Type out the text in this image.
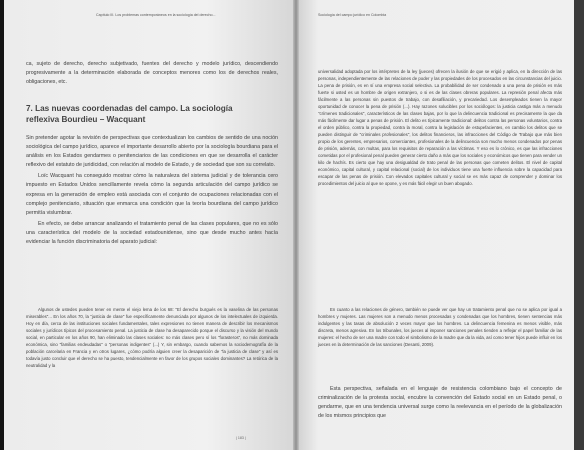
Capítulo III. Los problemas contemporáneos en la sociología del derecho...

ca, sujeto de derecho, derecho subjetivado, fuentes del derecho y modelo jurídico, descendiendo progresivamente a la determinación elaborada de conceptos menores como los de derechos reales, obligaciones, etc.

7. Las nuevas coordenadas del campo. La sociología
reflexiva Bourdieu – Wacquant

Sin pretender agotar la revisión de perspectivas que contextualizan los cambios de sentido de una noción sociológica del campo jurídico, aparece el importante desarrollo abierto por la sociología bourdiana para el análisis en los Estados gendarmes o penitenciarios de las condiciones en que se desarrolla el carácter reflexivo del estatuto de juridicidad, con relación al modelo de Estado, y de sociedad que son su correlato.

Loïc Wacquant ha conseguido mostrar cómo la naturaleza del sistema judicial y de tolerancia cero impuesto en Estados Unidos sencillamente revela cómo la segunda articulación del campo jurídico se expresa en la generación de empleo está asociada con el conjunto de ocupaciones relacionadas con el complejo penitenciario, situación que enmarca una condición que la teoría bourdiana del campo jurídico permitía vislumbrar.

En efecto, se debe arrancar analizando el tratamiento penal de las clases populares, que no es sólo una característica del modelo de la sociedad estadounidense, sino que desde mucho antes hacía evidenciar la función discriminatoria del aparato judicial:

Algunos de ustedes pueden tener en mente el viejo lema de los 68: "El derecho burgués es la vaselina de las personas miserables"... En los años 70, la "justicia de clase" fue específicamente denunciada por algunos de los intelectuales de izquierda. Hoy en día, cerca de las instituciones sociales fundamentales, tales expresiones no tienen manera de describir los mecanismos sociales y jurídicos típicos del procesamiento penal. La justicia de clase ha desaparecido porque el discurso y la visión del mundo social, en particular en los años 90, han eliminado las clases sociales: no más clases pero sí los "forasteros", no más dominada económica, sino "familias endeudadas" o "personas indigentes" (...) Y, sin embargo, cuando sabemos la sociodemografía de la población carcelaria en Francia y en otros lugares, ¿cómo podría alguien creer la desaparición de "la justicia de clase" y así es todavía justo concluir que el derecho se ha puesto, tendencialmente en favor de los grupos sociales dominantes? La retórica de la neutralidad y la

| 183 |
Sociología del campo jurídico en Colombia

universalidad adoptada por los intérpretes de la ley (jueces) ofrecen la ilusión de que se erigió y aplica, en la dirección de las personas, independientemente de las relaciones de poder y las propiedades de los procesados en las circunstancias del juicio. La pena de prisión, es en sí una empresa social selectiva. La probabilidad de ser condenado a una pena de prisión es más fuerte si usted es un hombre de origen extranjero, o si es de las clases obreras populares. La represión penal afecta más fácilmente a las personas sin puestos de trabajo, con desafiliación, y precariedad. Los desempleados tienen la mayor oportunidad de conocer la pena de prisión (...). Hay razones solucibles por los sociólogos: la justicia castiga más a menudo "crímenes tradicionales", característicos de las clases bajas, por lo que la delincuencia tradicional es precisamente la que da más fácilmente dar lugar a penas de prisión. El delito es típicamente tradicional: delitos contra las personas voluntarios, contra el orden público, contra la propiedad, contra la moral, contra la legislación de estupefacientes, en cambio los delitos que se pueden distinguir de "criminales profesionales", los delitos financieros, las infracciones del Código de Trabajo que más bien propio de los gerentes, empresarios, comerciantes, profesionales de la delincuencia son mucho menos condenados por penas de prisión, además, con multas, para los requisitos de reparación a las víctimas. Y eso es lo crónico, es que las infracciones cometidas por el profesional penal pueden generar cierto daño a más que los sociales y económicos que tienen para vender un kilo de hachís. Es cierto que hay una desigualdad de trato penal de las personas que cometen delitos. El nivel de capital económico, capital cultural, y capital relacional (social) de los individuos tiene una fuerte influencia sobre la capacidad para escapar de las penas de prisión. Con elevados capitales cultural y social se es más capaz de comprender y dominar los procedimientos del juicio al que se opone, y es más fácil elegir un buen abogado.

En cuanto a las relaciones de género, también se puede ver que hay un tratamiento penal que no se aplica por igual a hombres y mujeres. Las mujeres son a menudo menos procesadas y condenadas que los hombres, tienen sentencias más indulgentes y las tasas de absolución 2 veces mayor que los hombres. La delincuencia femenina es menos visible, más discreta, menos agresiva. En los tribunales, los jueces al imponer sanciones penales tienden a reflejar el papel familiar de las mujeres: el hecho de ser una madre con todo el simbolismo de la madre que da la vida, así como tener hijos puede influir en los jueces en la determinación de las sanciones (Desanti, 2009).

Esta perspectiva, señalada en el lenguaje de resistencia colombiano bajo el concepto de criminalización de la protesta social, encubre la convención del Estado social en un Estado penal, o gendarme, que en una tendencia universal surge como la reelevancia en el período de la globalización de los mismos principios que
